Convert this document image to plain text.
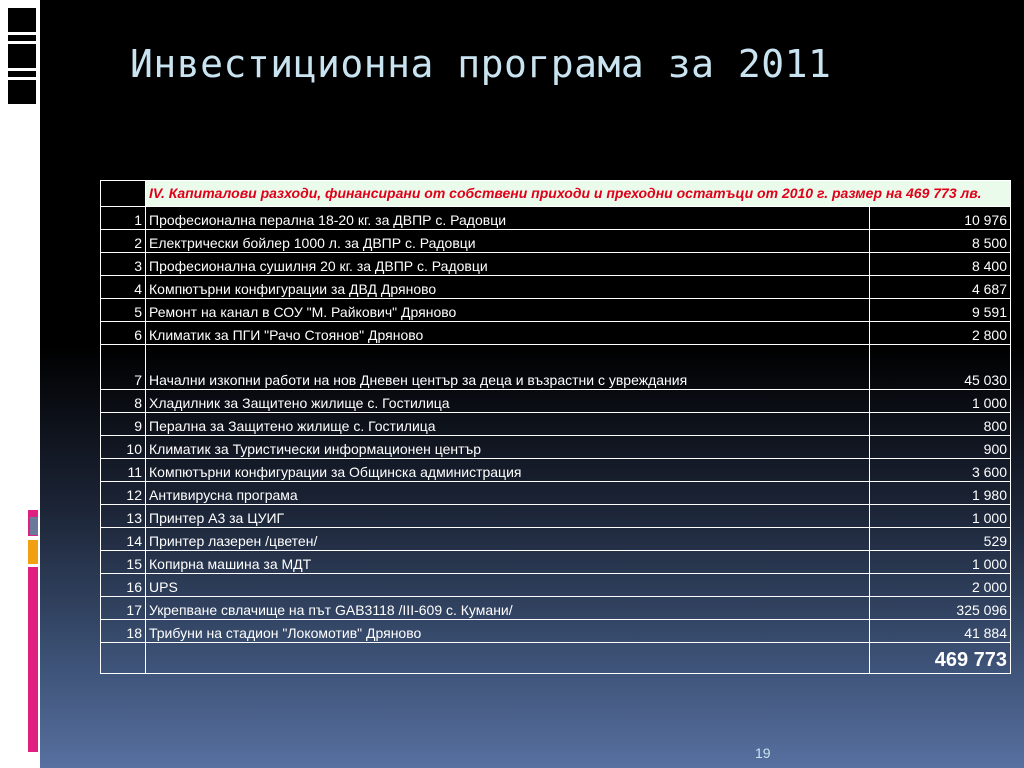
Инвестиционна програма за 2011
	IV. Капиталови разходи, финансирани от собствени приходи и преходни остатъци от 2010 г. размер на 469 773 лв.	
1	Професионална перална 18-20 кг. за ДВПР с. Радовци	10 976
2	Електрически бойлер 1000 л. за ДВПР с. Радовци	8 500
3	Професионална сушилня 20 кг. за ДВПР с. Радовци	8 400
4	Компютърни конфигурации за ДВД Дряново	4 687
5	Ремонт на канал в СОУ "М. Райкович" Дряново	9 591
6	Климатик за ПГИ "Рачо Стоянов" Дряново	2 800
7	Начални изкопни работи на нов Дневен център за деца и възрастни с увреждания	45 030
8	Хладилник за Защитено жилище с. Гостилица	1 000
9	Перална за Защитено жилище с. Гостилица	800
10	Климатик за Туристически информационен център	900
11	Компютърни конфигурации за Общинска администрация	3 600
12	Антивирусна програма	1 980
13	Принтер А3 за ЦУИГ	1 000
14	Принтер лазерен /цветен/	529
15	Копирна машина за МДТ	1 000
16	UPS	2 000
17	Укрепване свлачище на път GAB3118 /III-609 с. Кумани/	325 096
18	Трибуни на стадион "Локомотив" Дряново	41 884
		469 773
19
